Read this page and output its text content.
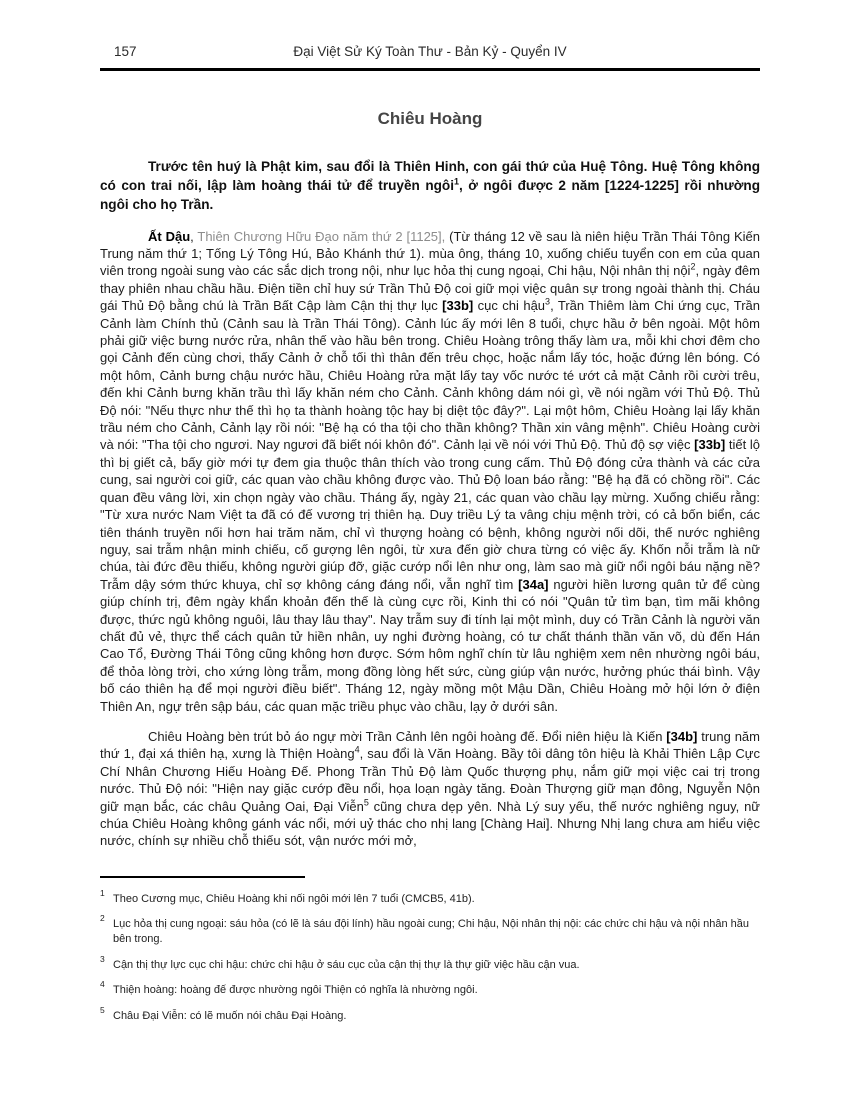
157	Đại Việt Sử Ký Toàn Thư - Bản Kỷ - Quyển IV
Chiêu Hoàng

Trước tên huý là Phật kim, sau đổi là Thiên Hinh, con gái thứ của Huệ Tông. Huệ Tông không có con trai nối, lập làm hoàng thái tử để truyền ngôi$^1$, ở ngôi được 2 năm [1224-1225] rồi nhường ngôi cho họ Trần.

Ất Dậu, Thiên Chương Hữu Đạo năm thứ 2 [1125], (Từ tháng 12 về sau là niên hiệu Trần Thái Tông Kiến Trung năm thứ 1; Tống Lý Tông Hú, Bảo Khánh thứ 1). mùa ông, tháng 10, xuống chiếu tuyển con em của quan viên trong ngoài sung vào các sắc dịch trong nội, như lục hỏa thị cung ngoại, Chi hậu, Nội nhân thị nội$^2$, ngày đêm thay phiên nhau chầu hầu. Điện tiền chỉ huy sứ Trần Thủ Độ coi giữ mọi việc quân sự trong ngoài thành thị. Cháu gái Thủ Độ bằng chú là Trần Bất Cập làm Cận thị thự lục [33b] cục chi hậu$^3$, Trần Thiêm làm Chi ứng cục, Trần Cảnh làm Chính thủ (Cảnh sau là Trần Thái Tông). Cảnh lúc ấy mới lên 8 tuổi, chực hầu ở bên ngoài. Một hôm phải giữ việc bưng nước rửa, nhân thế vào hầu bên trong. Chiêu Hoàng trông thấy làm ưa, mỗi khi chơi đêm cho gọi Cảnh đến cùng chơi, thấy Cảnh ở chỗ tối thì thân đến trêu chọc, hoặc nắm lấy tóc, hoặc đứng lên bóng. Có một hôm, Cảnh bưng chậu nước hầu, Chiêu Hoàng rửa mặt lấy tay vốc nước té ướt cả mặt Cảnh rồi cười trêu, đến khi Cảnh bưng khăn trầu thì lấy khăn ném cho Cảnh. Cảnh không dám nói gì, về nói ngầm với Thủ Độ. Thủ Độ nói: "Nếu thực như thế thì họ ta thành hoàng tộc hay bị diệt tộc đây?". Lại một hôm, Chiêu Hoàng lại lấy khăn trầu ném cho Cảnh, Cảnh lạy rồi nói: "Bệ hạ có tha tội cho thần không? Thần xin vâng mệnh". Chiêu Hoàng cười và nói: "Tha tội cho ngươi. Nay ngươi đã biết nói khôn đó". Cảnh lại về nói với Thủ Độ. Thủ độ sợ việc [33b] tiết lộ thì bị giết cả, bấy giờ mới tự đem gia thuộc thân thích vào trong cung cấm. Thủ Độ đóng cửa thành và các cửa cung, sai người coi giữ, các quan vào chầu không được vào. Thủ Độ loan báo rằng: "Bệ hạ đã có chồng rồi". Các quan đều vâng lời, xin chọn ngày vào chầu. Tháng ấy, ngày 21, các quan vào chầu lạy mừng. Xuống chiếu rằng: "Từ xưa nước Nam Việt ta đã có đế vương trị thiên hạ. Duy triều Lý ta vâng chịu mệnh trời, có cả bốn biển, các tiên thánh truyền nối hơn hai trăm năm, chỉ vì thượng hoàng có bệnh, không người nối dõi, thế nước nghiêng nguy, sai trẫm nhận minh chiếu, cố gượng lên ngôi, từ xưa đến giờ chưa từng có việc ấy. Khốn nỗi trẫm là nữ chúa, tài đức đều thiếu, không người giúp đỡ, giặc cướp nổi lên như ong, làm sao mà giữ nổi ngôi báu nặng nề? Trẫm dậy sớm thức khuya, chỉ sợ không cáng đáng nổi, vẫn nghĩ tìm [34a] người hiền lương quân tử để cùng giúp chính trị, đêm ngày khẩn khoản đến thế là cùng cực rồi, Kinh thi có nói "Quân tử tìm bạn, tìm mãi không được, thức ngủ không nguôi, lâu thay lâu thay". Nay trẫm suy đi tính lại một mình, duy có Trần Cảnh là người văn chất đủ vẻ, thực thể cách quân tử hiền nhân, uy nghi đường hoàng, có tư chất thánh thần văn võ, dù đến Hán Cao Tổ, Đường Thái Tông cũng không hơn được. Sớm hôm nghĩ chín từ lâu nghiệm xem nên nhường ngôi báu, để thỏa lòng trời, cho xứng lòng trẫm, mong đồng lòng hết sức, cùng giúp vận nước, hưởng phúc thái bình. Vậy bố cáo thiên hạ để mọi người điều biết". Tháng 12, ngày mồng một Mậu Dần, Chiêu Hoàng mở hội lớn ở điện Thiên An, ngự trên sập báu, các quan mặc triều phục vào chầu, lạy ở dưới sân.

Chiêu Hoàng bèn trút bỏ áo ngự mời Trần Cảnh lên ngôi hoàng đế. Đổi niên hiệu là Kiến [34b] trung năm thứ 1, đại xá thiên hạ, xưng là Thiện Hoàng$^4$, sau đổi là Văn Hoàng. Bầy tôi dâng tôn hiệu là Khải Thiên Lập Cực Chí Nhân Chương Hiếu Hoàng Đế. Phong Trần Thủ Độ làm Quốc thượng phụ, nắm giữ mọi việc cai trị trong nước. Thủ Độ nói: "Hiện nay giặc cướp đều nổi, họa loạn ngày tăng. Đoàn Thượng giữ mạn đông, Nguyễn Nộn giữ mạn bắc, các châu Quảng Oai, Đại Viễn$^5$ cũng chưa dẹp yên. Nhà Lý suy yếu, thế nước nghiêng nguy, nữ chúa Chiêu Hoàng không gánh vác nổi, mới uỷ thác cho nhị lang [Chàng Hai]. Nhưng Nhị lang chưa am hiểu việc nước, chính sự nhiều chỗ thiếu sót, vận nước mới mở,

1 Theo Cương mục, Chiêu Hoàng khi nối ngôi mới lên 7 tuổi (CMCB5, 41b).
2 Lục hỏa thị cung ngoại: sáu hỏa (có lẽ là sáu đội lính) hầu ngoài cung; Chi hậu, Nội nhân thị nội: các chức chi hậu và nội nhân hầu bên trong.
3 Cận thị thự lực cục chi hậu: chức chi hậu ở sáu cục của cận thị thự là thự giữ việc hầu cận vua.
4 Thiện hoàng: hoàng đế được nhường ngôi Thiện có nghĩa là nhường ngôi.
5 Châu Đại Viễn: có lẽ muốn nói châu Đại Hoàng.
